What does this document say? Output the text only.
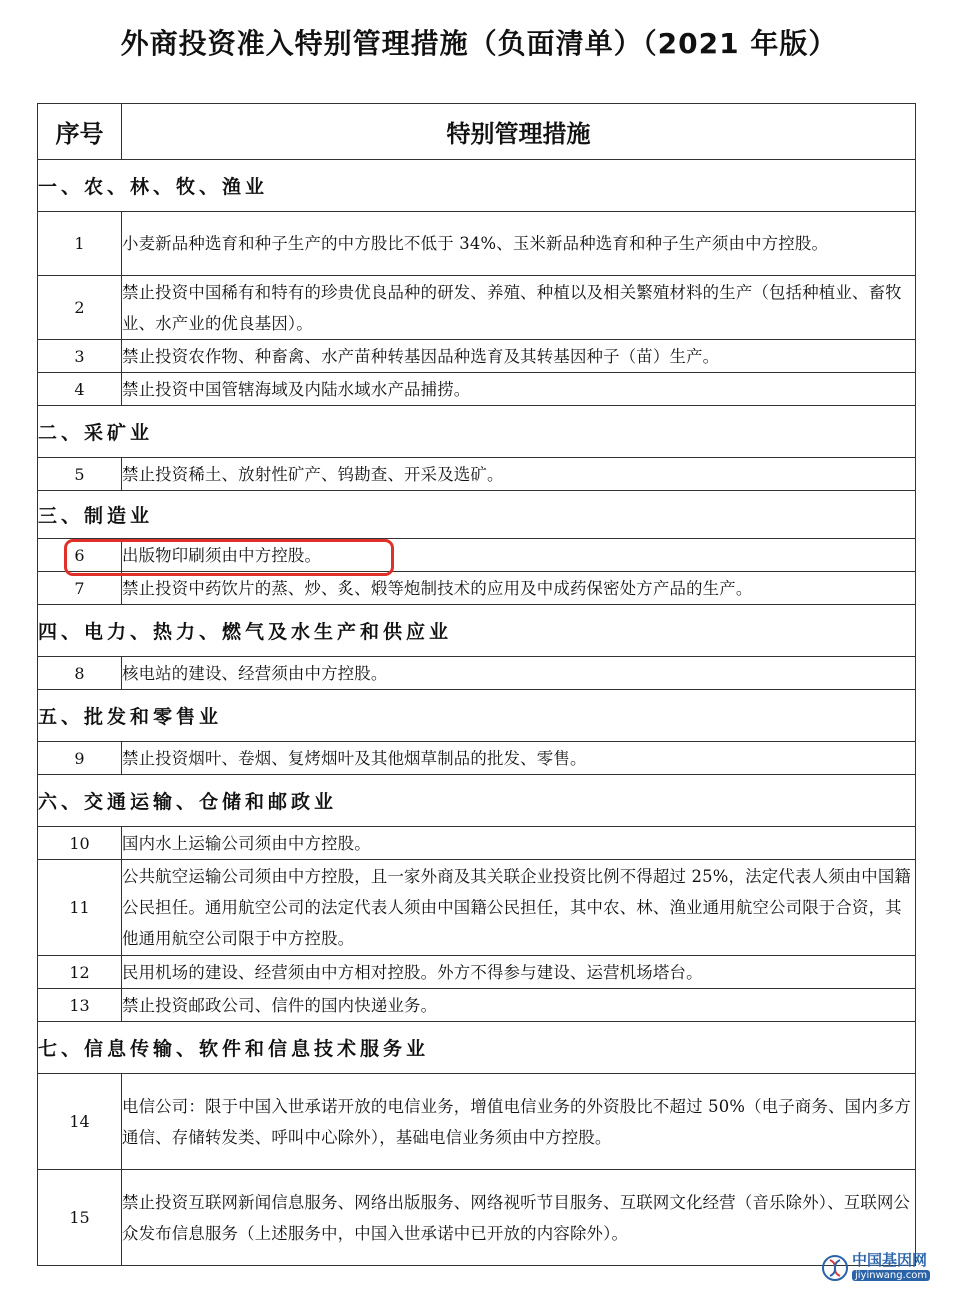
外商投资准入特别管理措施（负面清单）（2021 年版）
序号	特别管理措施
一、农、林、牧、渔业	
1	小麦新品种选育和种子生产的中方股比不低于 34%、玉米新品种选育和种子生产须由中方控股。
2	禁止投资中国稀有和特有的珍贵优良品种的研发、养殖、种植以及相关繁殖材料的生产（包括种植业、畜牧业、水产业的优良基因）。
3	禁止投资农作物、种畜禽、水产苗种转基因品种选育及其转基因种子（苗）生产。
4	禁止投资中国管辖海域及内陆水域水产品捕捞。
二、采矿业	
5	禁止投资稀土、放射性矿产、钨勘查、开采及选矿。
三、制造业	
6	出版物印刷须由中方控股。
7	禁止投资中药饮片的蒸、炒、炙、煅等炮制技术的应用及中成药保密处方产品的生产。
四、电力、热力、燃气及水生产和供应业	
8	核电站的建设、经营须由中方控股。
五、批发和零售业	
9	禁止投资烟叶、卷烟、复烤烟叶及其他烟草制品的批发、零售。
六、交通运输、仓储和邮政业	
10	国内水上运输公司须由中方控股。
11	公共航空运输公司须由中方控股，且一家外商及其关联企业投资比例不得超过 25%，法定代表人须由中国籍公民担任。通用航空公司的法定代表人须由中国籍公民担任，其中农、林、渔业通用航空公司限于合资，其他通用航空公司限于中方控股。
12	民用机场的建设、经营须由中方相对控股。外方不得参与建设、运营机场塔台。
13	禁止投资邮政公司、信件的国内快递业务。
七、信息传输、软件和信息技术服务业	
14	电信公司：限于中国入世承诺开放的电信业务，增值电信业务的外资股比不超过 50%（电子商务、国内多方通信、存储转发类、呼叫中心除外），基础电信业务须由中方控股。
15	禁止投资互联网新闻信息服务、网络出版服务、网络视听节目服务、互联网文化经营（音乐除外）、互联网公众发布信息服务（上述服务中，中国入世承诺中已开放的内容除外）。
中国基因网
jiyinwang.com
